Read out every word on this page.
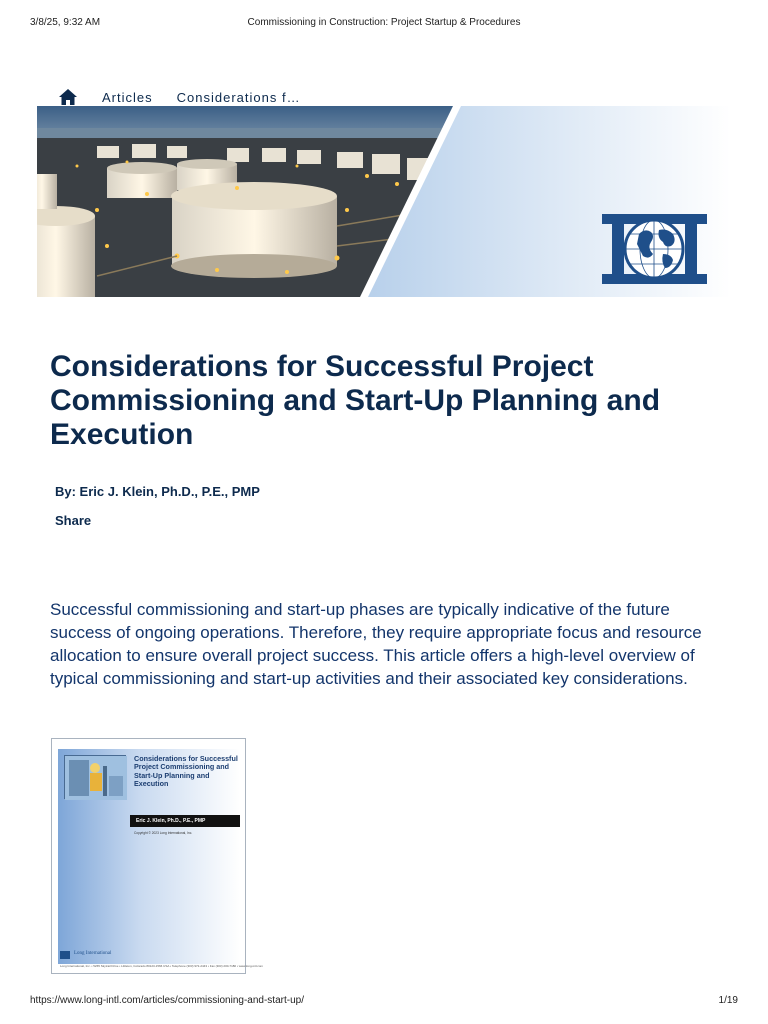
3/8/25, 9:32 AM	Commissioning in Construction: Project Startup & Procedures
Articles Considerations f…
Considerations for Successful Project Commissioning and Start-Up Planning and Execution
By: Eric J. Klein, Ph.D., P.E., PMP
Share

Successful commissioning and start-up phases are typically indicative of the future success of ongoing operations. Therefore, they require appropriate focus and resource allocation to ensure overall project success. This article offers a high-level overview of typical commissioning and start-up activities and their associated key considerations.

Considerations for Successful Project Commissioning and Start-Up Planning and Execution
Eric J. Klein, Ph.D., P.E., PMP
Copyright © 2023 Long International, Inc.
Long International
Long International, Inc. • 5265 Skytrail Drive • Littleton, Colorado 80123-1566 USA • Telephone (303) 972-2443 • Fax (303) 200-7180 • www.long-intl.com
https://www.long-intl.com/articles/commissioning-and-start-up/	1/19
